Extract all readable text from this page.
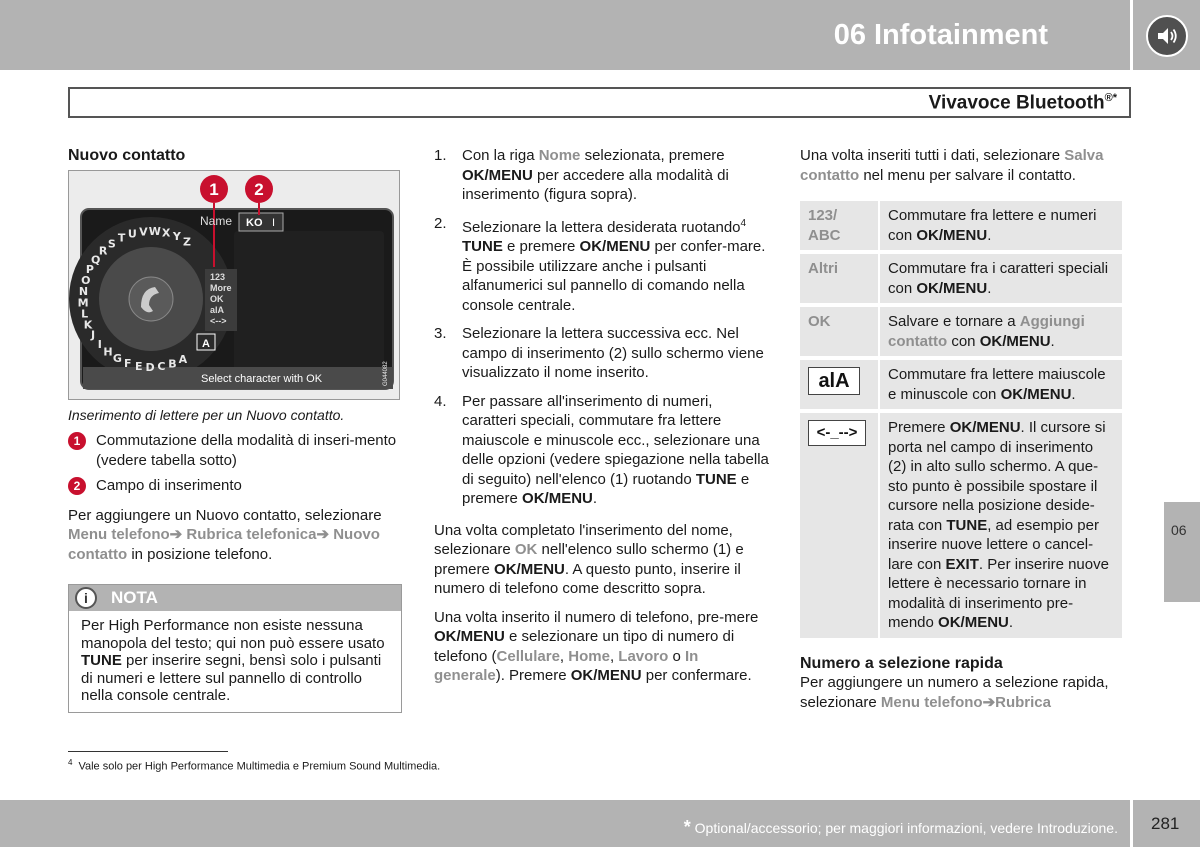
06 Infotainment
Vivavoce Bluetooth®*
06
Nuovo contatto
A
B
C
D
E
F
G
H
I
J
K
L
M
N
O
P
Q
R
S T U V W X Y Z
1 2
Name KO I
123
More
OK
alA
<-->
A
Select character with OK	G044082
Inserimento di lettere per un Nuovo contatto.
1	Commutazione della modalità di inseri-mento (vedere tabella sotto)
2	Campo di inserimento
Per aggiungere un Nuovo contatto, selezionare Menu telefono➔ Rubrica telefonica➔ Nuovo contatto in posizione telefono.
i	NOTA
Per High Performance non esiste nessuna manopola del testo; qui non può essere usato TUNE per inserire segni, bensì solo i pulsanti di numeri e lettere sul pannello di controllo nella console centrale.
1.	Con la riga Nome selezionata, premere OK/MENU per accedere alla modalità di inserimento (figura sopra).
2.	Selezionare la lettera desiderata ruotando$^4$ TUNE e premere OK/MENU per confer-mare. È possibile utilizzare anche i pulsanti alfanumerici sul pannello di comando nella console centrale.
3.	Selezionare la lettera successiva ecc. Nel campo di inserimento (2) sullo schermo viene visualizzato il nome inserito.
4.	Per passare all'inserimento di numeri, caratteri speciali, commutare fra lettere maiuscole e minuscole ecc., selezionare una delle opzioni (vedere spiegazione nella tabella di seguito) nell'elenco (1) ruotando TUNE e premere OK/MENU.
Una volta completato l'inserimento del nome, selezionare OK nell'elenco sullo schermo (1) e premere OK/MENU. A questo punto, inserire il numero di telefono come descritto sopra.
Una volta inserito il numero di telefono, pre-mere OK/MENU e selezionare un tipo di numero di telefono (Cellulare, Home, Lavoro o In generale). Premere OK/MENU per confermare.
Una volta inseriti tutti i dati, selezionare Salva contatto nel menu per salvare il contatto.
123/ ABC	Commutare fra lettere e numeri con OK/MENU.
Altri	Commutare fra i caratteri speciali con OK/MENU.
OK	Salvare e tornare a Aggiungi contatto con OK/MENU.
alA	Commutare fra lettere maiuscole e minuscole con OK/MENU.
<-_-->	Premere OK/MENU. Il cursore si porta nel campo di inserimento (2) in alto sullo schermo. A que-sto punto è possibile spostare il cursore nella posizione deside-rata con TUNE, ad esempio per inserire nuove lettere o cancel-lare con EXIT. Per inserire nuove lettere è necessario tornare in modalità di inserimento pre-mendo OK/MENU.
Numero a selezione rapida
Per aggiungere un numero a selezione rapida, selezionare Menu telefono➔Rubrica
$^4$ Vale solo per High Performance Multimedia e Premium Sound Multimedia.
* Optional/accessorio; per maggiori informazioni, vedere Introduzione. 281
